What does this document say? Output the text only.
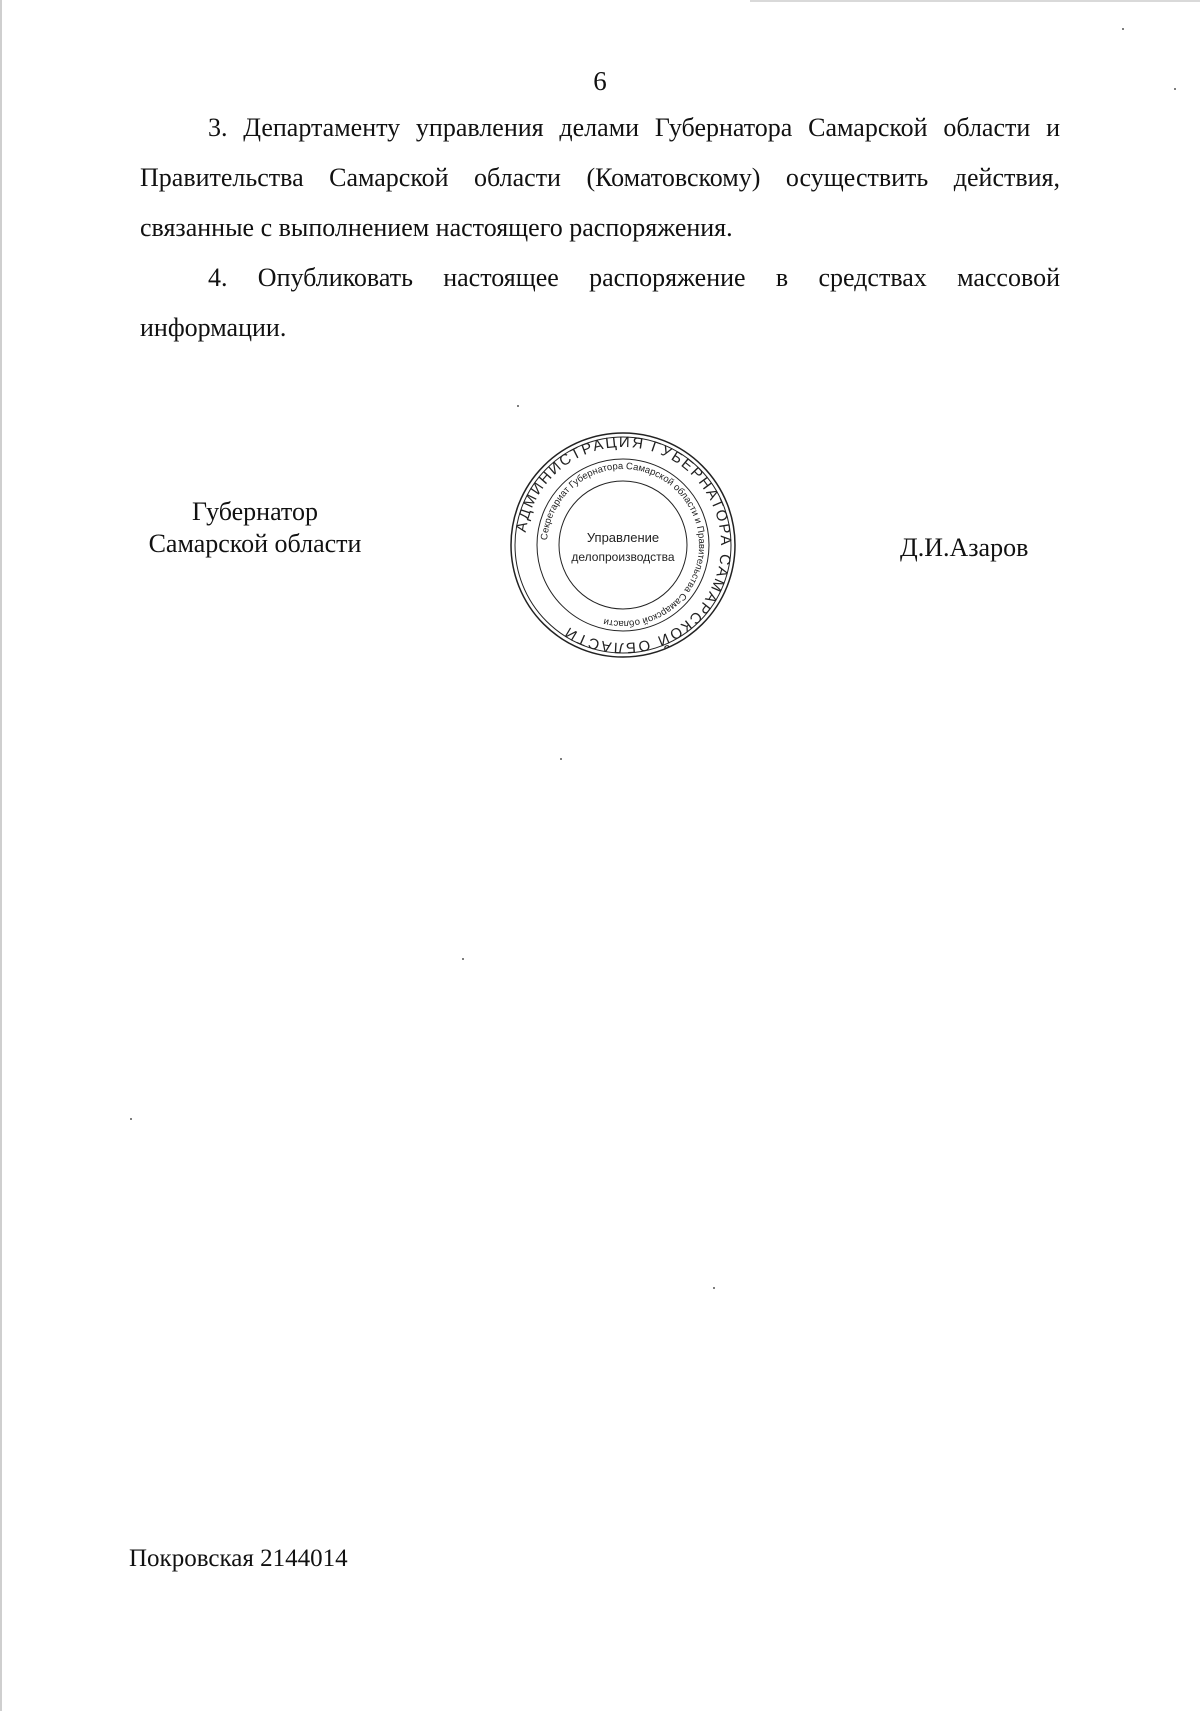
6

3. Департаменту управления делами Губернатора Самарской области и Правительства Самарской области (Коматовскому) осуществить действия, связанные с выполнением настоящего распоряжения.

4. Опубликовать настоящее распоряжение в средствах массовой информации.

Губернатор
Самарской области
АДМИНИСТРАЦИЯ ГУБЕРНАТОРА САМАРСКОЙ ОБЛАСТИ
Секретариат Губернатора Самарской области и Правительства Самарской области
Управление
делопроизводства	Д.И.Азаров
Покровская 2144014
